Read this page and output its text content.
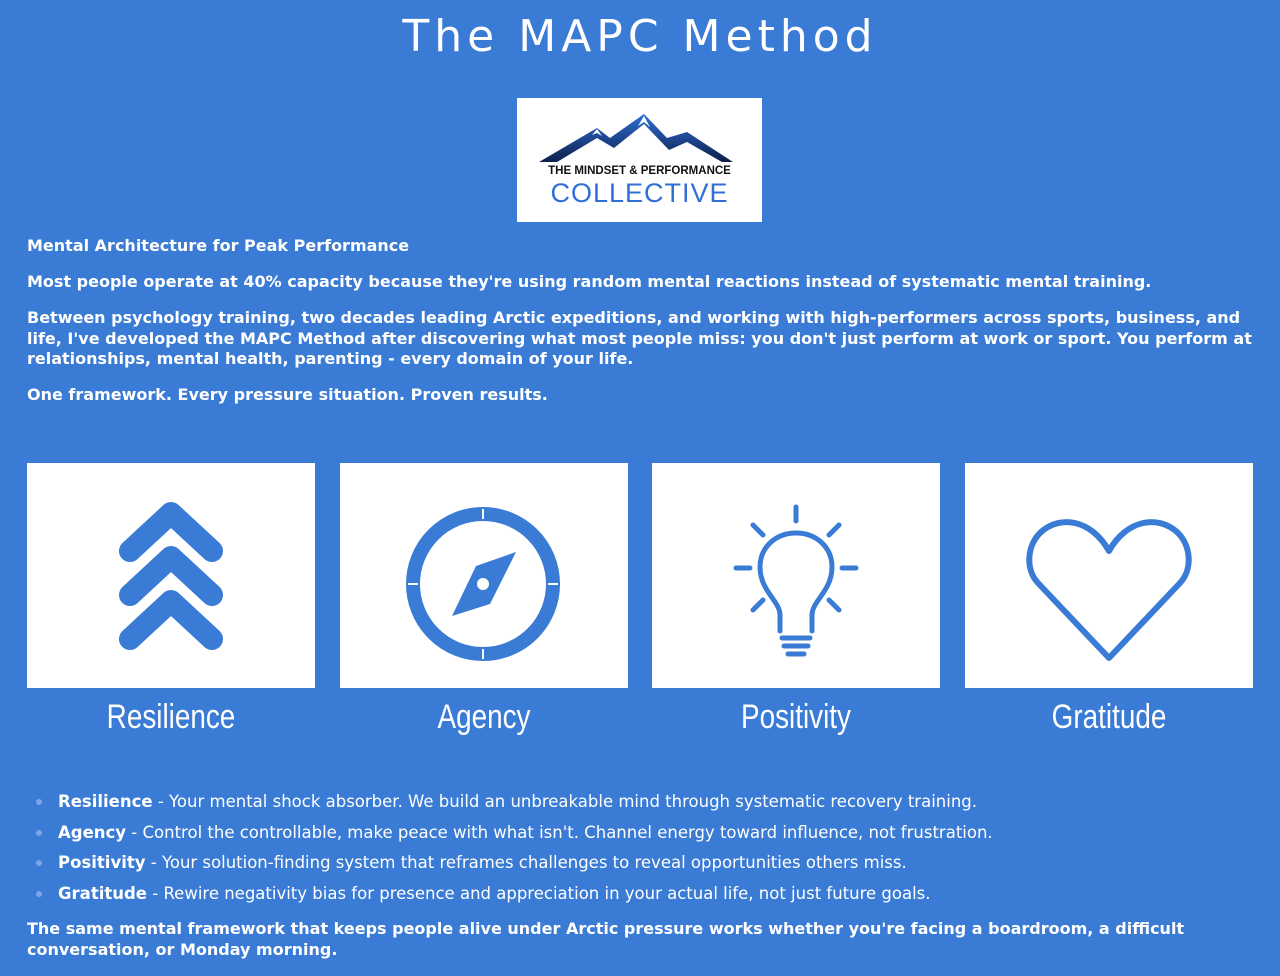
The MAPC Method
THE MINDSET & PERFORMANCE
COLLECTIVE

Mental Architecture for Peak Performance

Most people operate at 40% capacity because they're using random mental reactions instead of systematic mental training.

Between psychology training, two decades leading Arctic expeditions, and working with high-performers across sports, business, and life, I've developed the MAPC Method after discovering what most people miss: you don't just perform at work or sport. You perform at relationships, mental health, parenting - every domain of your life.

One framework. Every pressure situation. Proven results.

Resilience	Agency	Positivity	Gratitude
Resilience - Your mental shock absorber. We build an unbreakable mind through systematic recovery training.
Agency - Control the controllable, make peace with what isn't. Channel energy toward influence, not frustration.
Positivity - Your solution-finding system that reframes challenges to reveal opportunities others miss.
Gratitude - Rewire negativity bias for presence and appreciation in your actual life, not just future goals.

The same mental framework that keeps people alive under Arctic pressure works whether you're facing a boardroom, a difficult conversation, or Monday morning.
